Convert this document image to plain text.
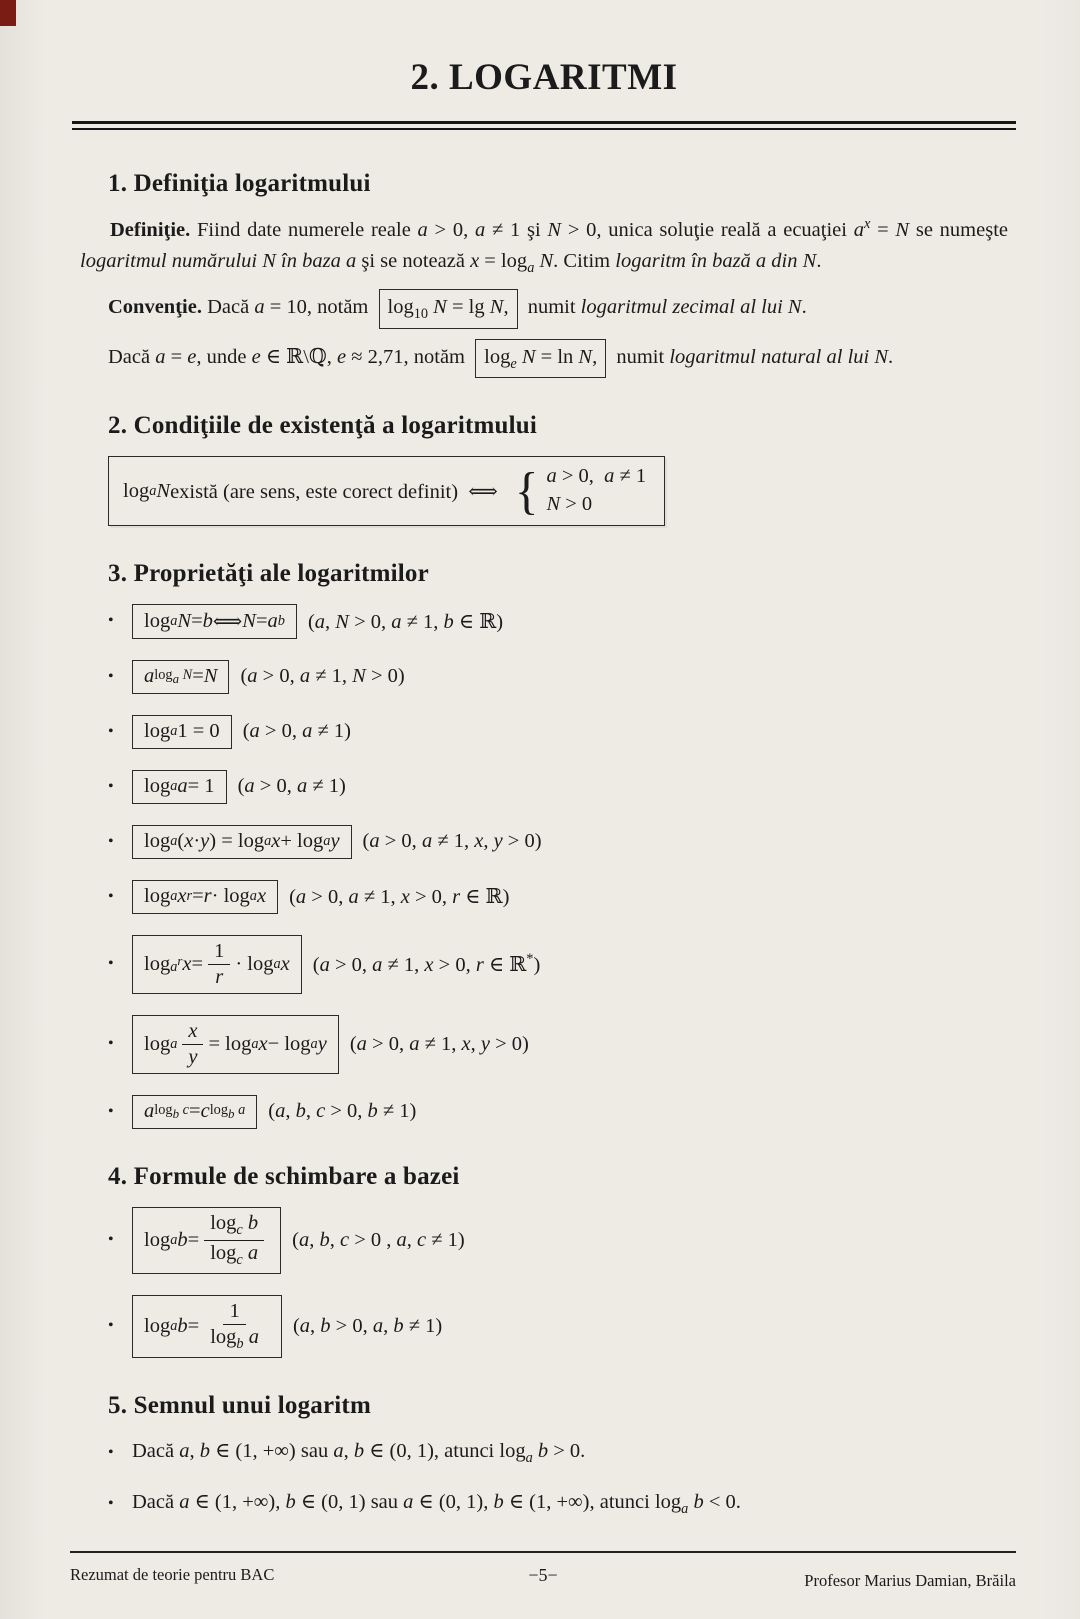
2. LOGARITMI
1. Definiţia logaritmului

Definiţie. Fiind date numerele reale a > 0, a ≠ 1 şi N > 0, unica soluţie reală a ecuaţiei $a^x = N$ se numeşte logaritmul numărului N în baza a şi se notează $x = \log_a N$. Citim logaritm în bază a din N.

Convenţie. Dacă a = 10, notăm $\log_{10} N = \lg N$, numit logaritmul zecimal al lui N.

Dacă a = e, unde e ∈ ℝ\ℚ, e ≈ 2,71, notăm $\log_e N = \ln N$, numit logaritmul natural al lui N.

2. Condiţiile de existenţă a logaritmului
log a N există (are sens, este corect definit)  ⟺ { a > 0,  a ≠ 1
N > 0
3. Proprietăţi ale logaritmilor
•	log a N = b ⟺ N = a b (a, N > 0, a ≠ 1, b ∈ ℝ)
•	a $\log_a N = N$ (a > 0, a ≠ 1, N > 0)
•	log a 1 = 0	(a > 0, a ≠ 1)
•	log a a = 1	(a > 0, a ≠ 1)
•	log a ( x · y ) = log a x + log a y (a > 0, a ≠ 1, x, y > 0)
•	log a x r = r · log a x (a > 0, a ≠ 1, x > 0, r ∈ ℝ)
•	$\log a^r$ $x = \frac{1}{r} \cdot \log a$ x (a > 0, a ≠ 1, x > 0, r ∈ ℝ*)
•	log a $\frac{x}{y} = \log a$ x − log a y (a > 0, a ≠ 1, x, y > 0)
•	a $\log_b c = c$ $\log_b a$ (a, b, c > 0, b ≠ 1)
4. Formule de schimbare a bazei
•	log a $b = \frac{\log_c b}{\log_c a} (a$, b, c > 0 , a, c ≠ 1)
•	log a $b = \frac{1}{\log_b a} (a$, b > 0, a, b ≠ 1)
5. Semnul unui logaritm
• Dacă a, b ∈ (1, +∞) sau a, b ∈ (0, 1), atunci $\log_a b > 0$.
• Dacă a ∈ (1, +∞), b ∈ (0, 1) sau a ∈ (0, 1), b ∈ (1, +∞), atunci $\log_a b < 0$.
Rezumat de teorie pentru BAC	−5−	Profesor Marius Damian, Brăila
